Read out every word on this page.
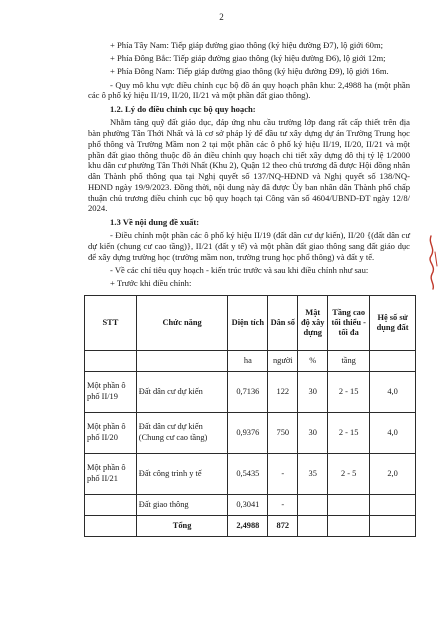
2

+ Phía Tây Nam: Tiếp giáp đường giao thông (ký hiệu đường Đ7), lộ giới 60m;

+ Phía Đông Bắc: Tiếp giáp đường giao thông (ký hiệu đường Đ6), lộ giới 12m;

+ Phía Đông Nam: Tiếp giáp đường giao thông (ký hiệu đường Đ9), lộ giới 16m.

- Quy mô khu vực điều chỉnh cục bộ đồ án quy hoạch phân khu: 2,4988 ha (một phần các ô phố ký hiệu II/19, II/20, II/21 và một phần đất giao thông).

1.2. Lý do điều chỉnh cục bộ quy hoạch:

Nhằm tăng quỹ đất giáo dục, đáp ứng nhu cầu trường lớp đang rất cấp thiết trên địa bàn phường Tân Thới Nhất và là cơ sở pháp lý để đầu tư xây dựng dự án Trường Trung học phổ thông và Trường Mầm non 2 tại một phần các ô phố ký hiệu II/19, II/20, II/21 và một phần đất giao thông thuộc đồ án điều chỉnh quy hoạch chi tiết xây dựng đô thị tỷ lệ 1/2000 khu dân cư phường Tân Thới Nhất (Khu 2), Quận 12 theo chủ trương đã được Hội đồng nhân dân Thành phố thông qua tại Nghị quyết số 137/NQ-HĐND và Nghị quyết số 138/NQ-HĐND ngày 19/9/2023. Đồng thời, nội dung này đã được Ủy ban nhân dân Thành phố chấp thuận chủ trương điều chỉnh cục bộ quy hoạch tại Công văn số 4604/UBND-ĐT ngày 12/8/ 2024.

1.3 Về nội dung đề xuất:

- Điều chỉnh một phần các ô phố ký hiệu II/19 (đất dân cư dự kiến), II/20 {(đất dân cư dự kiến (chung cư cao tầng)}, II/21 (đất y tế) và một phần đất giao thông sang đất giáo dục để xây dựng trường học (trường mầm non, trường trung học phổ thông) và đất y tế.

- Về các chỉ tiêu quy hoạch - kiến trúc trước và sau khi điều chỉnh như sau:

+ Trước khi điều chỉnh:

STT	Chức năng	Diện tích	Dân số	Mật độ xây dựng	Tầng cao tối thiểu - tối đa	Hệ số sử dụng đất
		ha	người	%	tầng	
Một phần ô phố II/19	Đất dân cư dự kiến	0,7136	122	30	2 - 15	4,0
Một phần ô phố II/20	Đất dân cư dự kiến (Chung cư cao tầng)	0,9376	750	30	2 - 15	4,0
Một phần ô phố II/21	Đất công trình y tế	0,5435	-	35	2 - 5	2,0
	Đất giao thông	0,3041	-			
	Tổng	2,4988	872			
